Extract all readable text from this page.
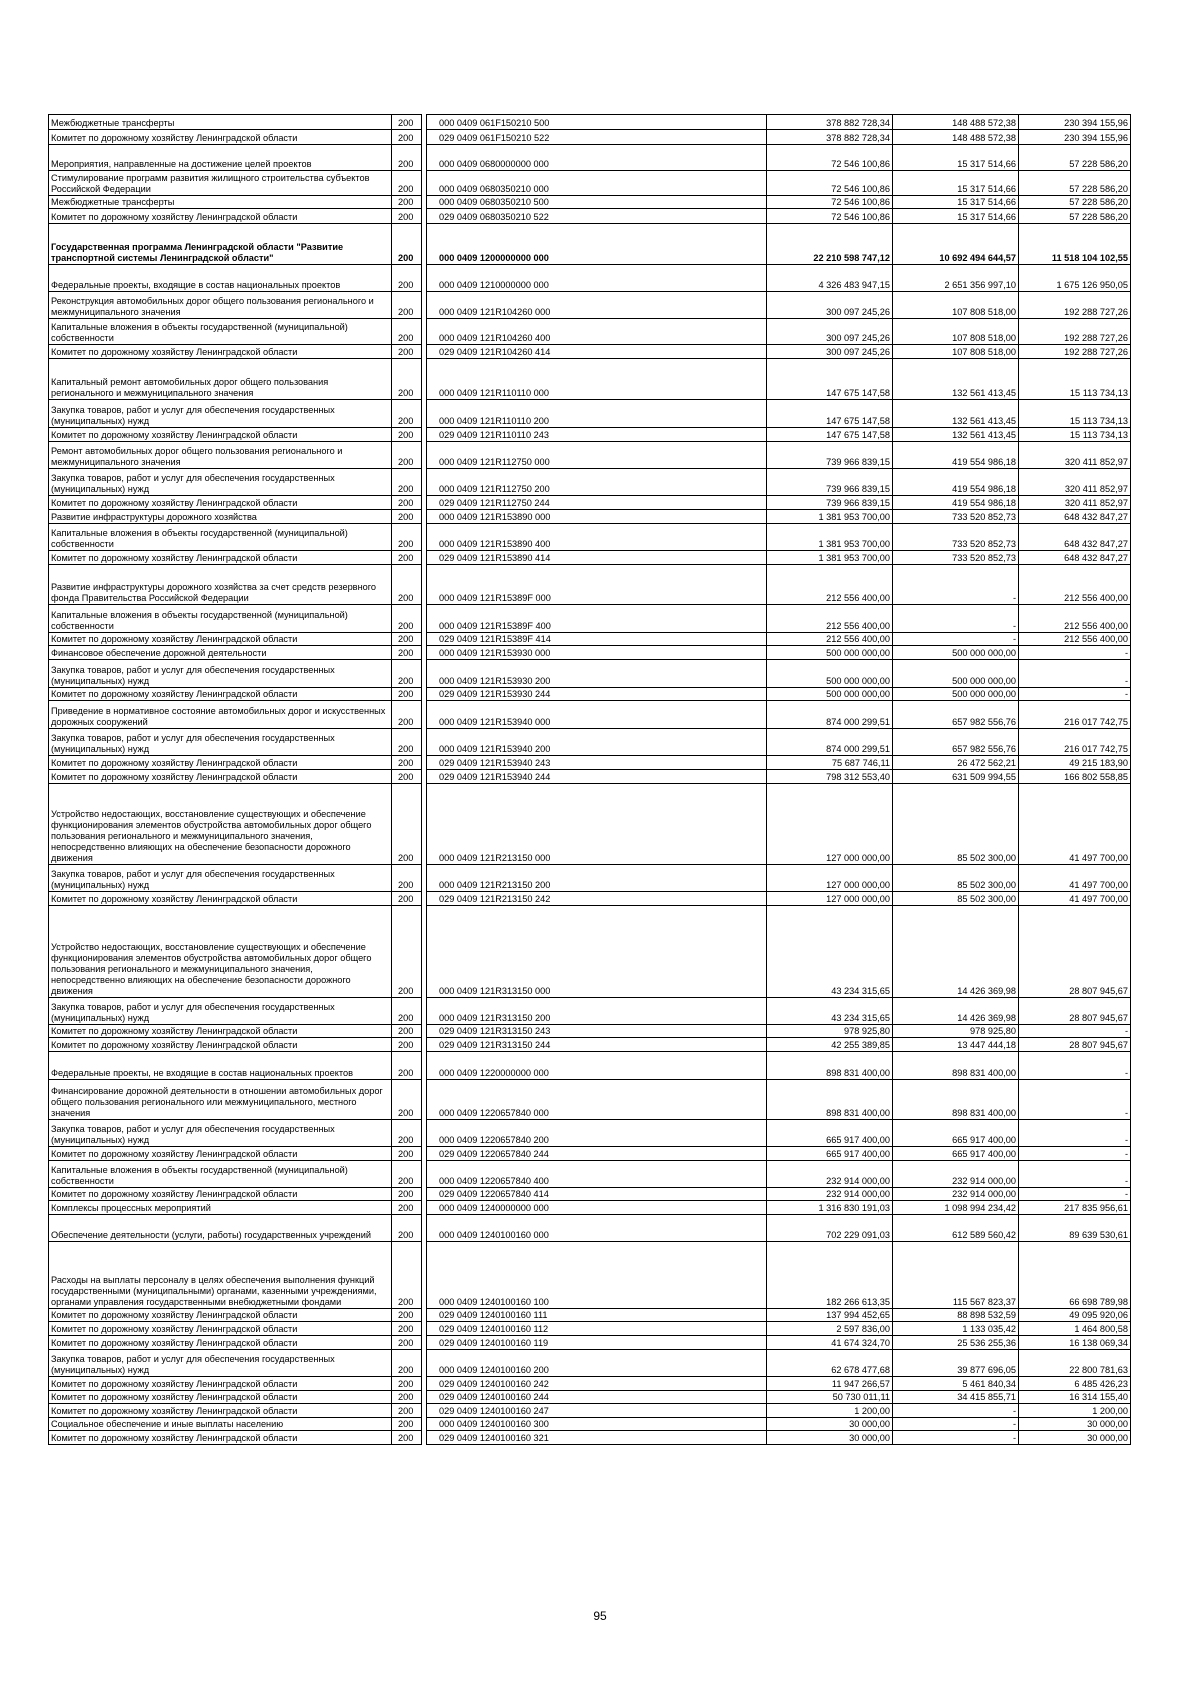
Межбюджетные трансферты	200		000 0409 061F150210 500	378 882 728,34	148 488 572,38	230 394 155,96
Комитет по дорожному хозяйству Ленинградской области	200		029 0409 061F150210 522	378 882 728,34	148 488 572,38	230 394 155,96
Мероприятия, направленные на достижение целей проектов	200		000 0409 0680000000 000	72 546 100,86	15 317 514,66	57 228 586,20
Стимулирование программ развития жилищного строительства субъектов Российской Федерации	200		000 0409 0680350210 000	72 546 100,86	15 317 514,66	57 228 586,20
Межбюджетные трансферты	200		000 0409 0680350210 500	72 546 100,86	15 317 514,66	57 228 586,20
Комитет по дорожному хозяйству Ленинградской области	200		029 0409 0680350210 522	72 546 100,86	15 317 514,66	57 228 586,20
Государственная программа Ленинградской области "Развитие транспортной системы Ленинградской области"	200		000 0409 1200000000 000	22 210 598 747,12	10 692 494 644,57	11 518 104 102,55
Федеральные проекты, входящие в состав национальных проектов	200		000 0409 1210000000 000	4 326 483 947,15	2 651 356 997,10	1 675 126 950,05
Реконструкция автомобильных дорог общего пользования регионального и межмуниципального значения	200		000 0409 121R104260 000	300 097 245,26	107 808 518,00	192 288 727,26
Капитальные вложения в объекты государственной (муниципальной) собственности	200		000 0409 121R104260 400	300 097 245,26	107 808 518,00	192 288 727,26
Комитет по дорожному хозяйству Ленинградской области	200		029 0409 121R104260 414	300 097 245,26	107 808 518,00	192 288 727,26
Капитальный ремонт автомобильных дорог общего пользования регионального и межмуниципального значения	200		000 0409 121R110110 000	147 675 147,58	132 561 413,45	15 113 734,13
Закупка товаров, работ и услуг для обеспечения государственных (муниципальных) нужд	200		000 0409 121R110110 200	147 675 147,58	132 561 413,45	15 113 734,13
Комитет по дорожному хозяйству Ленинградской области	200		029 0409 121R110110 243	147 675 147,58	132 561 413,45	15 113 734,13
Ремонт автомобильных дорог общего пользования регионального и межмуниципального значения	200		000 0409 121R112750 000	739 966 839,15	419 554 986,18	320 411 852,97
Закупка товаров, работ и услуг для обеспечения государственных (муниципальных) нужд	200		000 0409 121R112750 200	739 966 839,15	419 554 986,18	320 411 852,97
Комитет по дорожному хозяйству Ленинградской области	200		029 0409 121R112750 244	739 966 839,15	419 554 986,18	320 411 852,97
Развитие инфраструктуры дорожного хозяйства	200		000 0409 121R153890 000	1 381 953 700,00	733 520 852,73	648 432 847,27
Капитальные вложения в объекты государственной (муниципальной) собственности	200		000 0409 121R153890 400	1 381 953 700,00	733 520 852,73	648 432 847,27
Комитет по дорожному хозяйству Ленинградской области	200		029 0409 121R153890 414	1 381 953 700,00	733 520 852,73	648 432 847,27
Развитие инфраструктуры дорожного хозяйства за счет средств резервного фонда Правительства Российской Федерации	200		000 0409 121R15389F 000	212 556 400,00	-	212 556 400,00
Капитальные вложения в объекты государственной (муниципальной) собственности	200		000 0409 121R15389F 400	212 556 400,00	-	212 556 400,00
Комитет по дорожному хозяйству Ленинградской области	200		029 0409 121R15389F 414	212 556 400,00	-	212 556 400,00
Финансовое обеспечение дорожной деятельности	200		000 0409 121R153930 000	500 000 000,00	500 000 000,00	-
Закупка товаров, работ и услуг для обеспечения государственных (муниципальных) нужд	200		000 0409 121R153930 200	500 000 000,00	500 000 000,00	-
Комитет по дорожному хозяйству Ленинградской области	200		029 0409 121R153930 244	500 000 000,00	500 000 000,00	-
Приведение в нормативное состояние автомобильных дорог и искусственных дорожных сооружений	200		000 0409 121R153940 000	874 000 299,51	657 982 556,76	216 017 742,75
Закупка товаров, работ и услуг для обеспечения государственных (муниципальных) нужд	200		000 0409 121R153940 200	874 000 299,51	657 982 556,76	216 017 742,75
Комитет по дорожному хозяйству Ленинградской области	200		029 0409 121R153940 243	75 687 746,11	26 472 562,21	49 215 183,90
Комитет по дорожному хозяйству Ленинградской области	200		029 0409 121R153940 244	798 312 553,40	631 509 994,55	166 802 558,85
Устройство недостающих, восстановление существующих и обеспечение функционирования элементов обустройства автомобильных дорог общего пользования регионального и межмуниципального значения, непосредственно влияющих на обеспечение безопасности дорожного движения	200		000 0409 121R213150 000	127 000 000,00	85 502 300,00	41 497 700,00
Закупка товаров, работ и услуг для обеспечения государственных (муниципальных) нужд	200		000 0409 121R213150 200	127 000 000,00	85 502 300,00	41 497 700,00
Комитет по дорожному хозяйству Ленинградской области	200		029 0409 121R213150 242	127 000 000,00	85 502 300,00	41 497 700,00
Устройство недостающих, восстановление существующих и обеспечение функционирования элементов обустройства автомобильных дорог общего пользования регионального и межмуниципального значения, непосредственно влияющих на обеспечение безопасности дорожного движения	200		000 0409 121R313150 000	43 234 315,65	14 426 369,98	28 807 945,67
Закупка товаров, работ и услуг для обеспечения государственных (муниципальных) нужд	200		000 0409 121R313150 200	43 234 315,65	14 426 369,98	28 807 945,67
Комитет по дорожному хозяйству Ленинградской области	200		029 0409 121R313150 243	978 925,80	978 925,80	-
Комитет по дорожному хозяйству Ленинградской области	200		029 0409 121R313150 244	42 255 389,85	13 447 444,18	28 807 945,67
Федеральные проекты, не входящие в состав национальных проектов	200		000 0409 1220000000 000	898 831 400,00	898 831 400,00	-
Финансирование дорожной деятельности в отношении автомобильных дорог общего пользования регионального или межмуниципального, местного значения	200		000 0409 1220657840 000	898 831 400,00	898 831 400,00	-
Закупка товаров, работ и услуг для обеспечения государственных (муниципальных) нужд	200		000 0409 1220657840 200	665 917 400,00	665 917 400,00	-
Комитет по дорожному хозяйству Ленинградской области	200		029 0409 1220657840 244	665 917 400,00	665 917 400,00	-
Капитальные вложения в объекты государственной (муниципальной) собственности	200		000 0409 1220657840 400	232 914 000,00	232 914 000,00	-
Комитет по дорожному хозяйству Ленинградской области	200		029 0409 1220657840 414	232 914 000,00	232 914 000,00	-
Комплексы процессных мероприятий	200		000 0409 1240000000 000	1 316 830 191,03	1 098 994 234,42	217 835 956,61
Обеспечение деятельности (услуги, работы) государственных учреждений	200		000 0409 1240100160 000	702 229 091,03	612 589 560,42	89 639 530,61
Расходы на выплаты персоналу в целях обеспечения выполнения функций государственными (муниципальными) органами, казенными учреждениями, органами управления государственными внебюджетными фондами	200		000 0409 1240100160 100	182 266 613,35	115 567 823,37	66 698 789,98
Комитет по дорожному хозяйству Ленинградской области	200		029 0409 1240100160 111	137 994 452,65	88 898 532,59	49 095 920,06
Комитет по дорожному хозяйству Ленинградской области	200		029 0409 1240100160 112	2 597 836,00	1 133 035,42	1 464 800,58
Комитет по дорожному хозяйству Ленинградской области	200		029 0409 1240100160 119	41 674 324,70	25 536 255,36	16 138 069,34
Закупка товаров, работ и услуг для обеспечения государственных (муниципальных) нужд	200		000 0409 1240100160 200	62 678 477,68	39 877 696,05	22 800 781,63
Комитет по дорожному хозяйству Ленинградской области	200		029 0409 1240100160 242	11 947 266,57	5 461 840,34	6 485 426,23
Комитет по дорожному хозяйству Ленинградской области	200		029 0409 1240100160 244	50 730 011,11	34 415 855,71	16 314 155,40
Комитет по дорожному хозяйству Ленинградской области	200		029 0409 1240100160 247	1 200,00	-	1 200,00
Социальное обеспечение и иные выплаты населению	200		000 0409 1240100160 300	30 000,00	-	30 000,00
Комитет по дорожному хозяйству Ленинградской области	200		029 0409 1240100160 321	30 000,00	-	30 000,00
95
